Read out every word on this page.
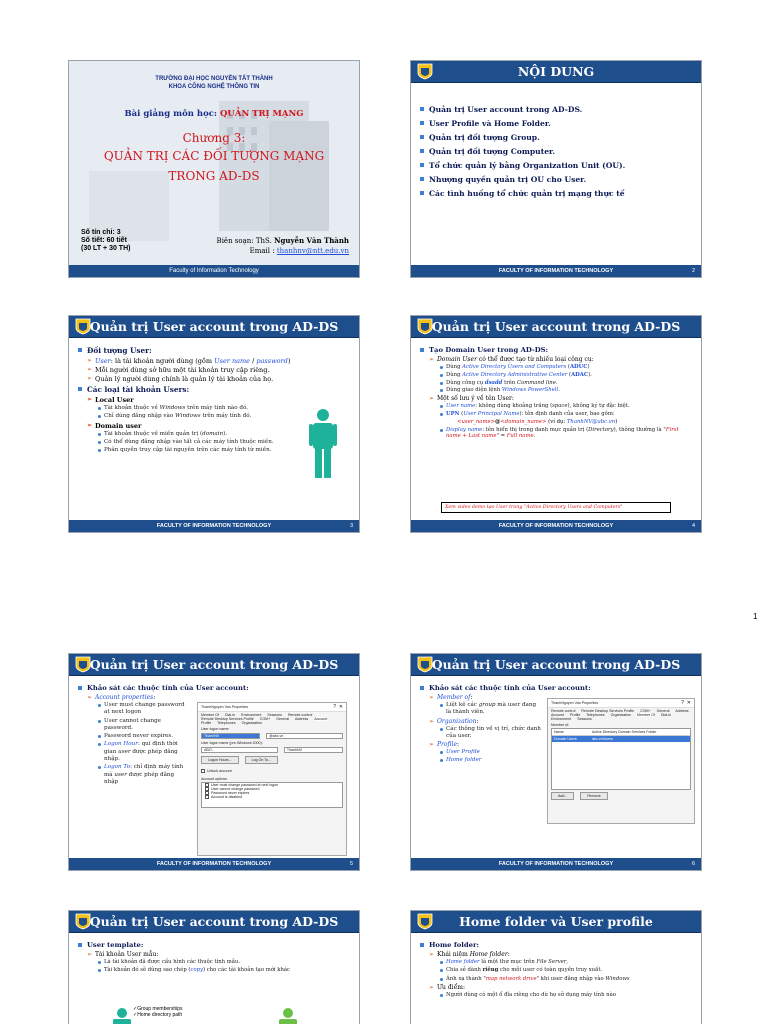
TRƯỜNG ĐẠI HỌC NGUYỄN TẤT THÀNH
KHOA CÔNG NGHỆ THÔNG TIN
Bài giảng môn học: QUẢN TRỊ MẠNG
Chương 3:
QUẢN TRỊ CÁC ĐỐI TƯỢNG MẠNG
TRONG AD-DS
Số tín chỉ: 3
Số tiết: 60 tiết
(30 LT + 30 TH)
Biên soạn: ThS. Nguyễn Văn Thành
Email : thanhnv@ntt.edu.vn
Faculty of Information Technology
NỘI DUNG
Quản trị User account trong AD-DS.
User Profile và Home Folder.
Quản trị đối tượng Group.
Quản trị đối tượng Computer.
Tổ chức quản lý bằng Organization Unit (OU).
Nhượng quyền quản trị OU cho User.
Các tình huống tổ chức quản trị mạng thực tế
FACULTY OF INFORMATION TECHNOLOGY	2
Quản trị User account trong AD-DS
Đối tượng User:
➢ User: là tài khoản người dùng (gồm User name / password)
➢ Mỗi người dùng sở hữu một tài khoản truy cập riêng.
➢ Quản lý người dùng chính là quản lý tài khoản của họ.
Các loại tài khoản Users:
➢ Local User
Tài khoản thuộc về Windows trên máy tính nào đó.
Chỉ dùng đăng nhập vào Windows trên máy tính đó.
➢ Domain user
Tài khoản thuộc về miền quản trị (domain).
Có thể dùng đăng nhập vào tất cả các máy tính thuộc miền.
Phân quyền truy cập tài nguyên trên các máy tính từ miền.
FACULTY OF INFORMATION TECHNOLOGY	3
Quản trị User account trong AD-DS
Tạo Domain User trong AD-DS:
➢ Domain User có thể được tạo từ nhiều loại công cụ:
Dùng Active Directory Users and Computers (ADUC)
Dùng Active Directory Administrative Center (ADAC).
Dùng công cụ dsadd trên Command line.
Dùng giao diện lệnh Windows PowerShell.
➢ Một số lưu ý về tên User:
User name: không dùng khoảng trắng (space), không ký tự đặc biệt.
UPN (User Principal Name): tên định danh của user, bao gồm:
<user_name>@<domain_name> (ví dụ: ThanhNV@abc.vn)
Display name: tên hiển thị trong danh mục quản trị (Directory), thông thường là "First name + Last name" = Full name.
Xem video demo tạo User trong "Active Directory Users and Computers"
FACULTY OF INFORMATION TECHNOLOGY	4
1
Quản trị User account trong AD-DS
Khảo sát các thuộc tính của User account:
➢ Account properties:
User must change password at next logon
User cannot change password.
Password never expires.
Logon Hour: qui định thời gian user được phép đăng nhập.
Logon To: chỉ định máy tính mà user được phép đăng nhập
ThanhNguyen Van Properties	? ✕
Member Of Dial-in Environment Sessions Remote control
Remote Desktop Services Profile COM+ General Address Account
Profile Telephones Organization
User logon name:
ThanhNV	@abc.vn
User logon name (pre-Windows 2000):
ABC\	ThanhNV
Logon Hours...	Log On To...
Unlock account
Account options:
User must change password at next logon
User cannot change password
Password never expires
Account is disabled
FACULTY OF INFORMATION TECHNOLOGY	5
Quản trị User account trong AD-DS
Khảo sát các thuộc tính của User account:
➢ Member of:
Liệt kê các group mà user đang là thành viên.
➢ Organization:
Các thông tin về vị trí, chức danh của user.
➢ Profile:
User Profile
Home folder
ThanhNguyen Van Properties	? ✕
Remote control Remote Desktop Services Profile COM+ General Address
Account Profile Telephones Organization Member Of Dial-in
Environment Sessions
Member of:
Name	Active Directory Domain Services Folder
Domain Users	abc.vn/Users
Add...	Remove
FACULTY OF INFORMATION TECHNOLOGY	6
Quản trị User account trong AD-DS
User template:
➢ Tài khoản User mẫu:
Là tài khoản đã được cấu hình các thuộc tính mẫu.
Tài khoản đó sẽ dùng sao chép (copy) cho các tài khoản tạo mới khác
✓Group memberships
✓Home directory path
Home folder và User profile
Home folder:
➢ Khái niệm Home folder:
Home folder là một thư mục trên File Server,
Chia sẻ dành riêng cho mỗi user có toàn quyền truy xuất.
Ánh xạ thành "map network drive" khi user đăng nhập vào Windows
➢ Ưu điểm:
Người dùng có một ổ đĩa riêng cho dù họ sử dụng máy tính nào
